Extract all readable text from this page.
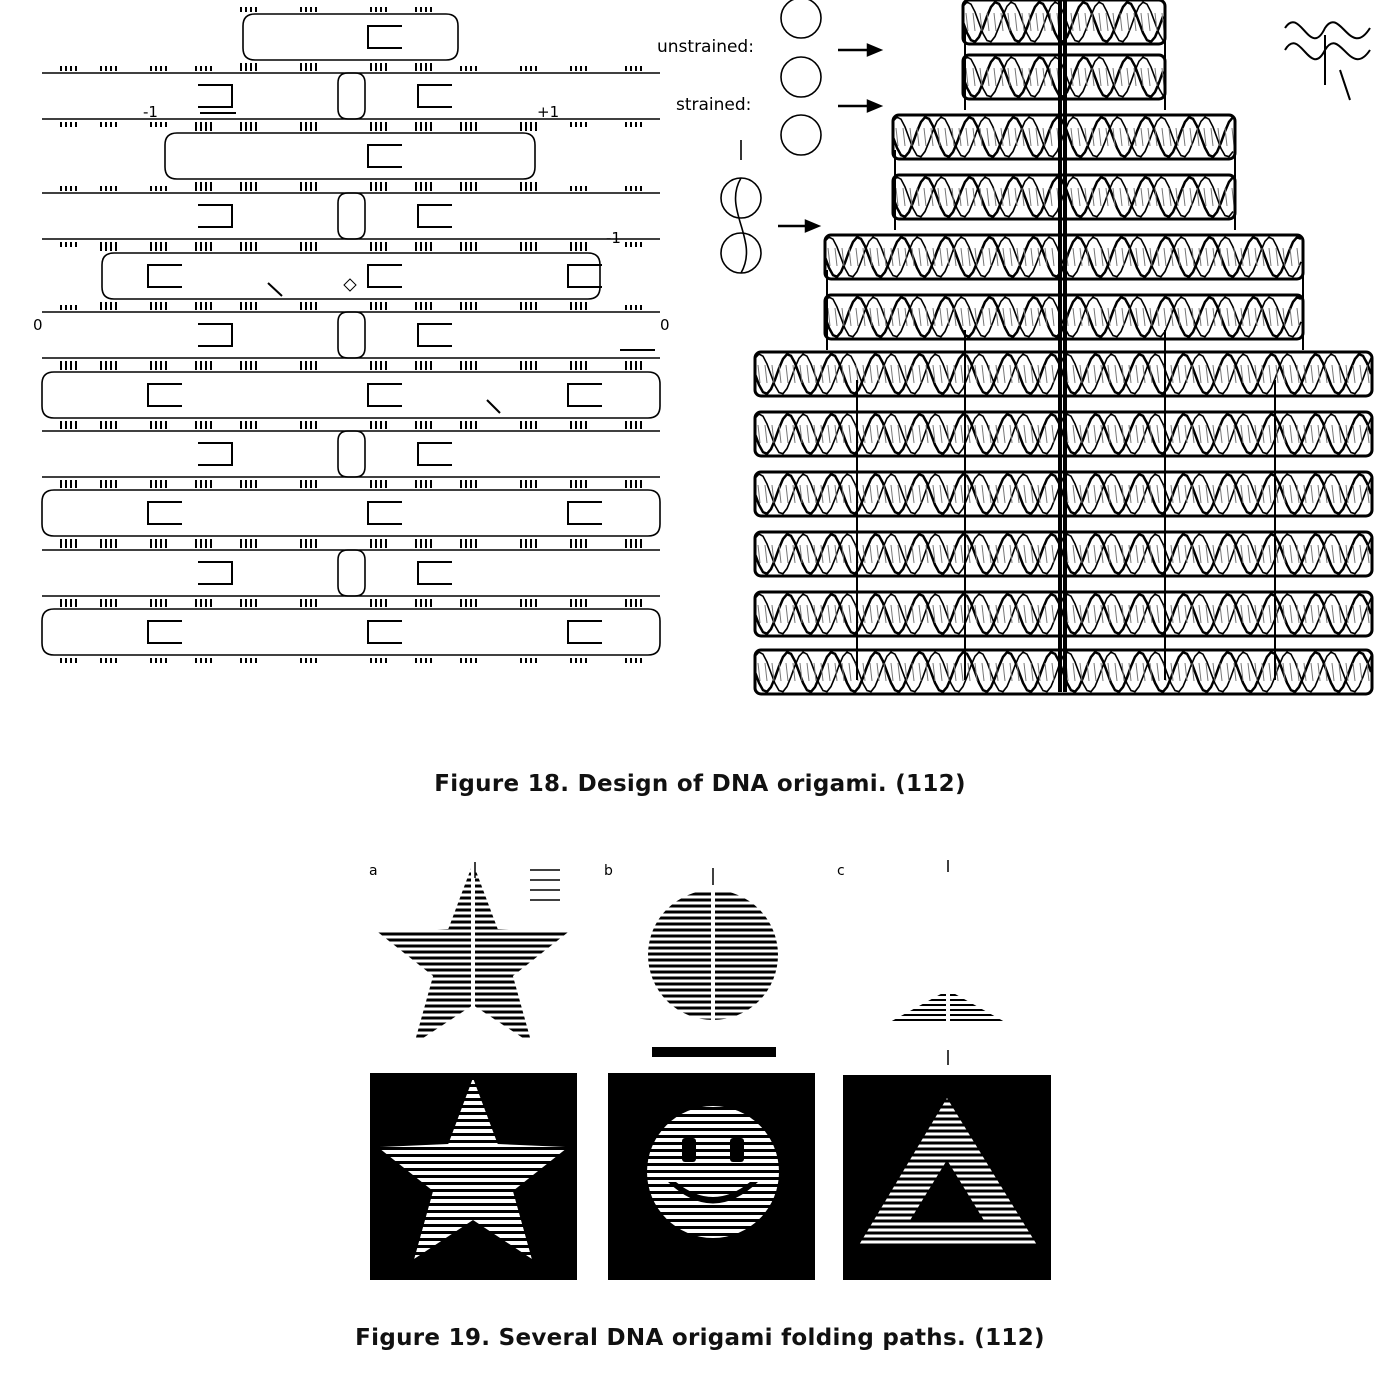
-1	+1
-1
0	0
unstrained:
strained:
Figure 18. Design of DNA origami. (112)
a	b	c
Figure 19. Several DNA origami folding paths. (112)
